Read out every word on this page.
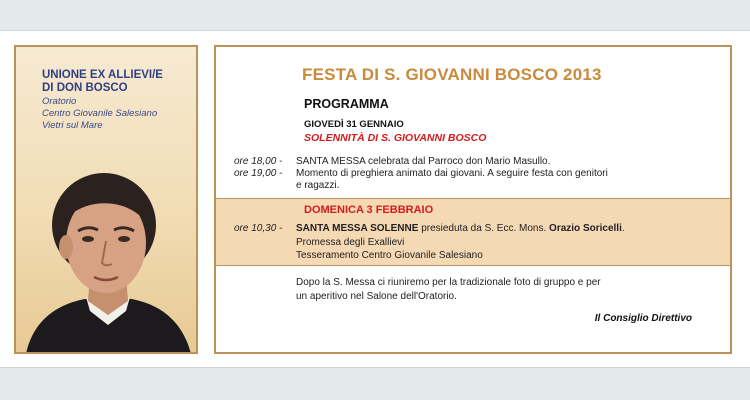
UNIONE EX ALLIEVI/E
DI DON BOSCO
Oratorio
Centro Giovanile Salesiano
Vietri sul Mare
FESTA DI S. GIOVANNI BOSCO 2013
PROGRAMMA
GIOVEDÌ 31 GENNAIO
SOLENNITÀ DI S. GIOVANNI BOSCO
ore 18,00 -	SANTA MESSA celebrata dal Parroco don Mario Masullo.
ore 19,00 -	Momento di preghiera animato dai giovani. A seguire festa con genitori
e ragazzi.
DOMENICA 3 FEBBRAIO
ore 10,30 -	SANTA MESSA SOLENNE presieduta da S. Ecc. Mons. Orazio Soricelli.
Promessa degli Exallievi
Tesseramento Centro Giovanile Salesiano
Dopo la S. Messa ci riuniremo per la tradizionale foto di gruppo e per
un aperitivo nel Salone dell'Oratorio.
Il Consiglio Direttivo
